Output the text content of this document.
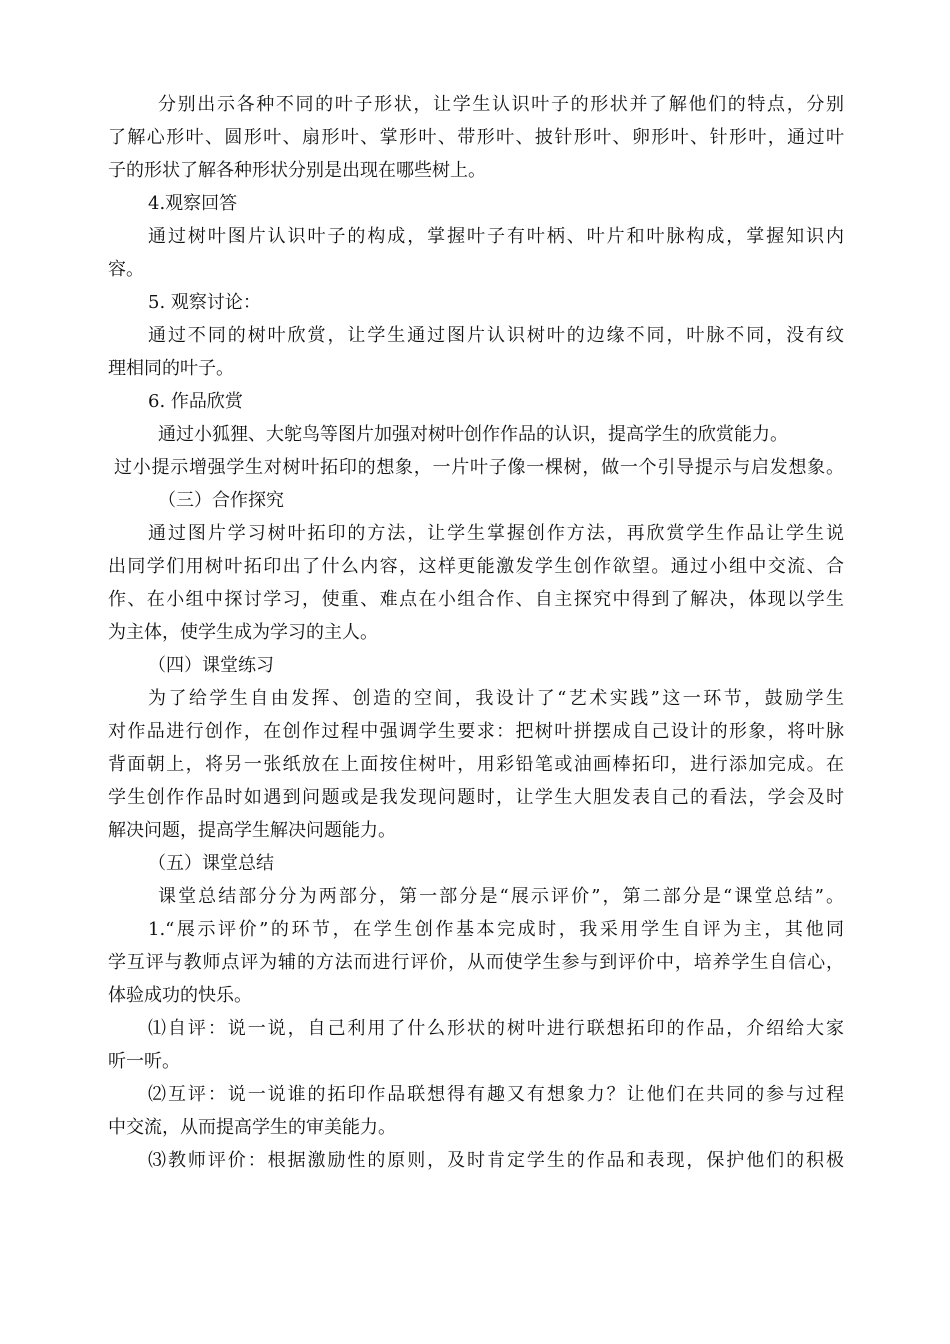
分别出示各种不同的叶子形状，让学生认识叶子的形状并了解他们的特点，分别
了解心形叶、圆形叶、扇形叶、掌形叶、带形叶、披针形叶、卵形叶、针形叶，通过叶
子的形状了解各种形状分别是出现在哪些树上。
4.观察回答
通过树叶图片认识叶子的构成，掌握叶子有叶柄、叶片和叶脉构成，掌握知识内
容。
5. 观察讨论：
通过不同的树叶欣赏，让学生通过图片认识树叶的边缘不同，叶脉不同，没有纹
理相同的叶子。
6. 作品欣赏
通过小狐狸、大鸵鸟等图片加强对树叶创作作品的认识，提高学生的欣赏能力。
过小提示增强学生对树叶拓印的想象，一片叶子像一棵树，做一个引导提示与启发想象。
（三）合作探究
通过图片学习树叶拓印的方法，让学生掌握创作方法，再欣赏学生作品让学生说
出同学们用树叶拓印出了什么内容，这样更能激发学生创作欲望。通过小组中交流、合
作、在小组中探讨学习，使重、难点在小组合作、自主探究中得到了解决，体现以学生
为主体，使学生成为学习的主人。
（四）课堂练习
为了给学生自由发挥、创造的空间，我设计了“艺术实践”这一环节，鼓励学生
对作品进行创作，在创作过程中强调学生要求：把树叶拼摆成自己设计的形象，将叶脉
背面朝上，将另一张纸放在上面按住树叶，用彩铅笔或油画棒拓印，进行添加完成。在
学生创作作品时如遇到问题或是我发现问题时，让学生大胆发表自己的看法，学会及时
解决问题，提高学生解决问题能力。
（五）课堂总结
课堂总结部分分为两部分，第一部分是“展示评价”，第二部分是“课堂总结”。
1.“展示评价”的环节，在学生创作基本完成时，我采用学生自评为主，其他同
学互评与教师点评为辅的方法而进行评价，从而使学生参与到评价中，培养学生自信心，
体验成功的快乐。
⑴自评：说一说，自己利用了什么形状的树叶进行联想拓印的作品，介绍给大家
听一听。
⑵互评：说一说谁的拓印作品联想得有趣又有想象力？让他们在共同的参与过程
中交流，从而提高学生的审美能力。
⑶教师评价：根据激励性的原则，及时肯定学生的作品和表现，保护他们的积极
